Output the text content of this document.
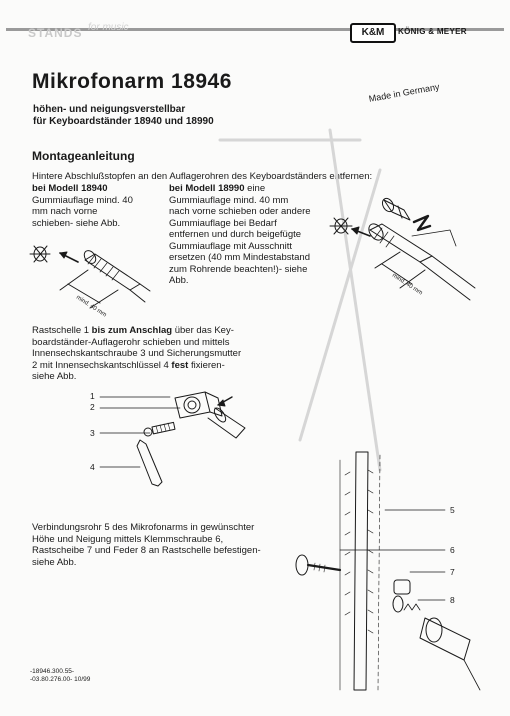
STANDS for music	K&M	KÖNIG & MEYER
Mikrofonarm 18946
höhen- und neigungsverstellbar
für Keyboardständer 18940 und 18990
Made in Germany
Montageanleitung
Hintere Abschlußstopfen an den Auflagerohren des Keyboardständers entfernen:
bei Modell 18940
Gummiauflage mind. 40
mm nach vorne
schieben- siehe Abb.
bei Modell 18990 eine
Gummiauflage mind. 40 mm
nach vorne schieben oder andere
Gummiauflage bei Bedarf
entfernen und durch beigefügte
Gummiauflage mit Ausschnitt
ersetzen (40 mm Mindestabstand
zum Rohrende beachten!)- siehe
Abb.
Rastschelle 1 bis zum Anschlag über das Key-
boardständer-Auflagerohr schieben und mittels
Innensechskantschraube 3 und Sicherungsmutter
2 mit Innensechskantschlüssel 4 fest fixieren-
siehe Abb.
Verbindungsrohr 5 des Mikrofonarms in gewünschter
Höhe und Neigung mittels Klemmschraube 6,
Rastscheibe 7 und Feder 8 an Rastschelle befestigen-
siehe Abb.
-18946.300.55-
-03.80.276.00- 10/99
mind. 40 mm
mind. 40 mm
1
2
3
4
5
6
7
8
